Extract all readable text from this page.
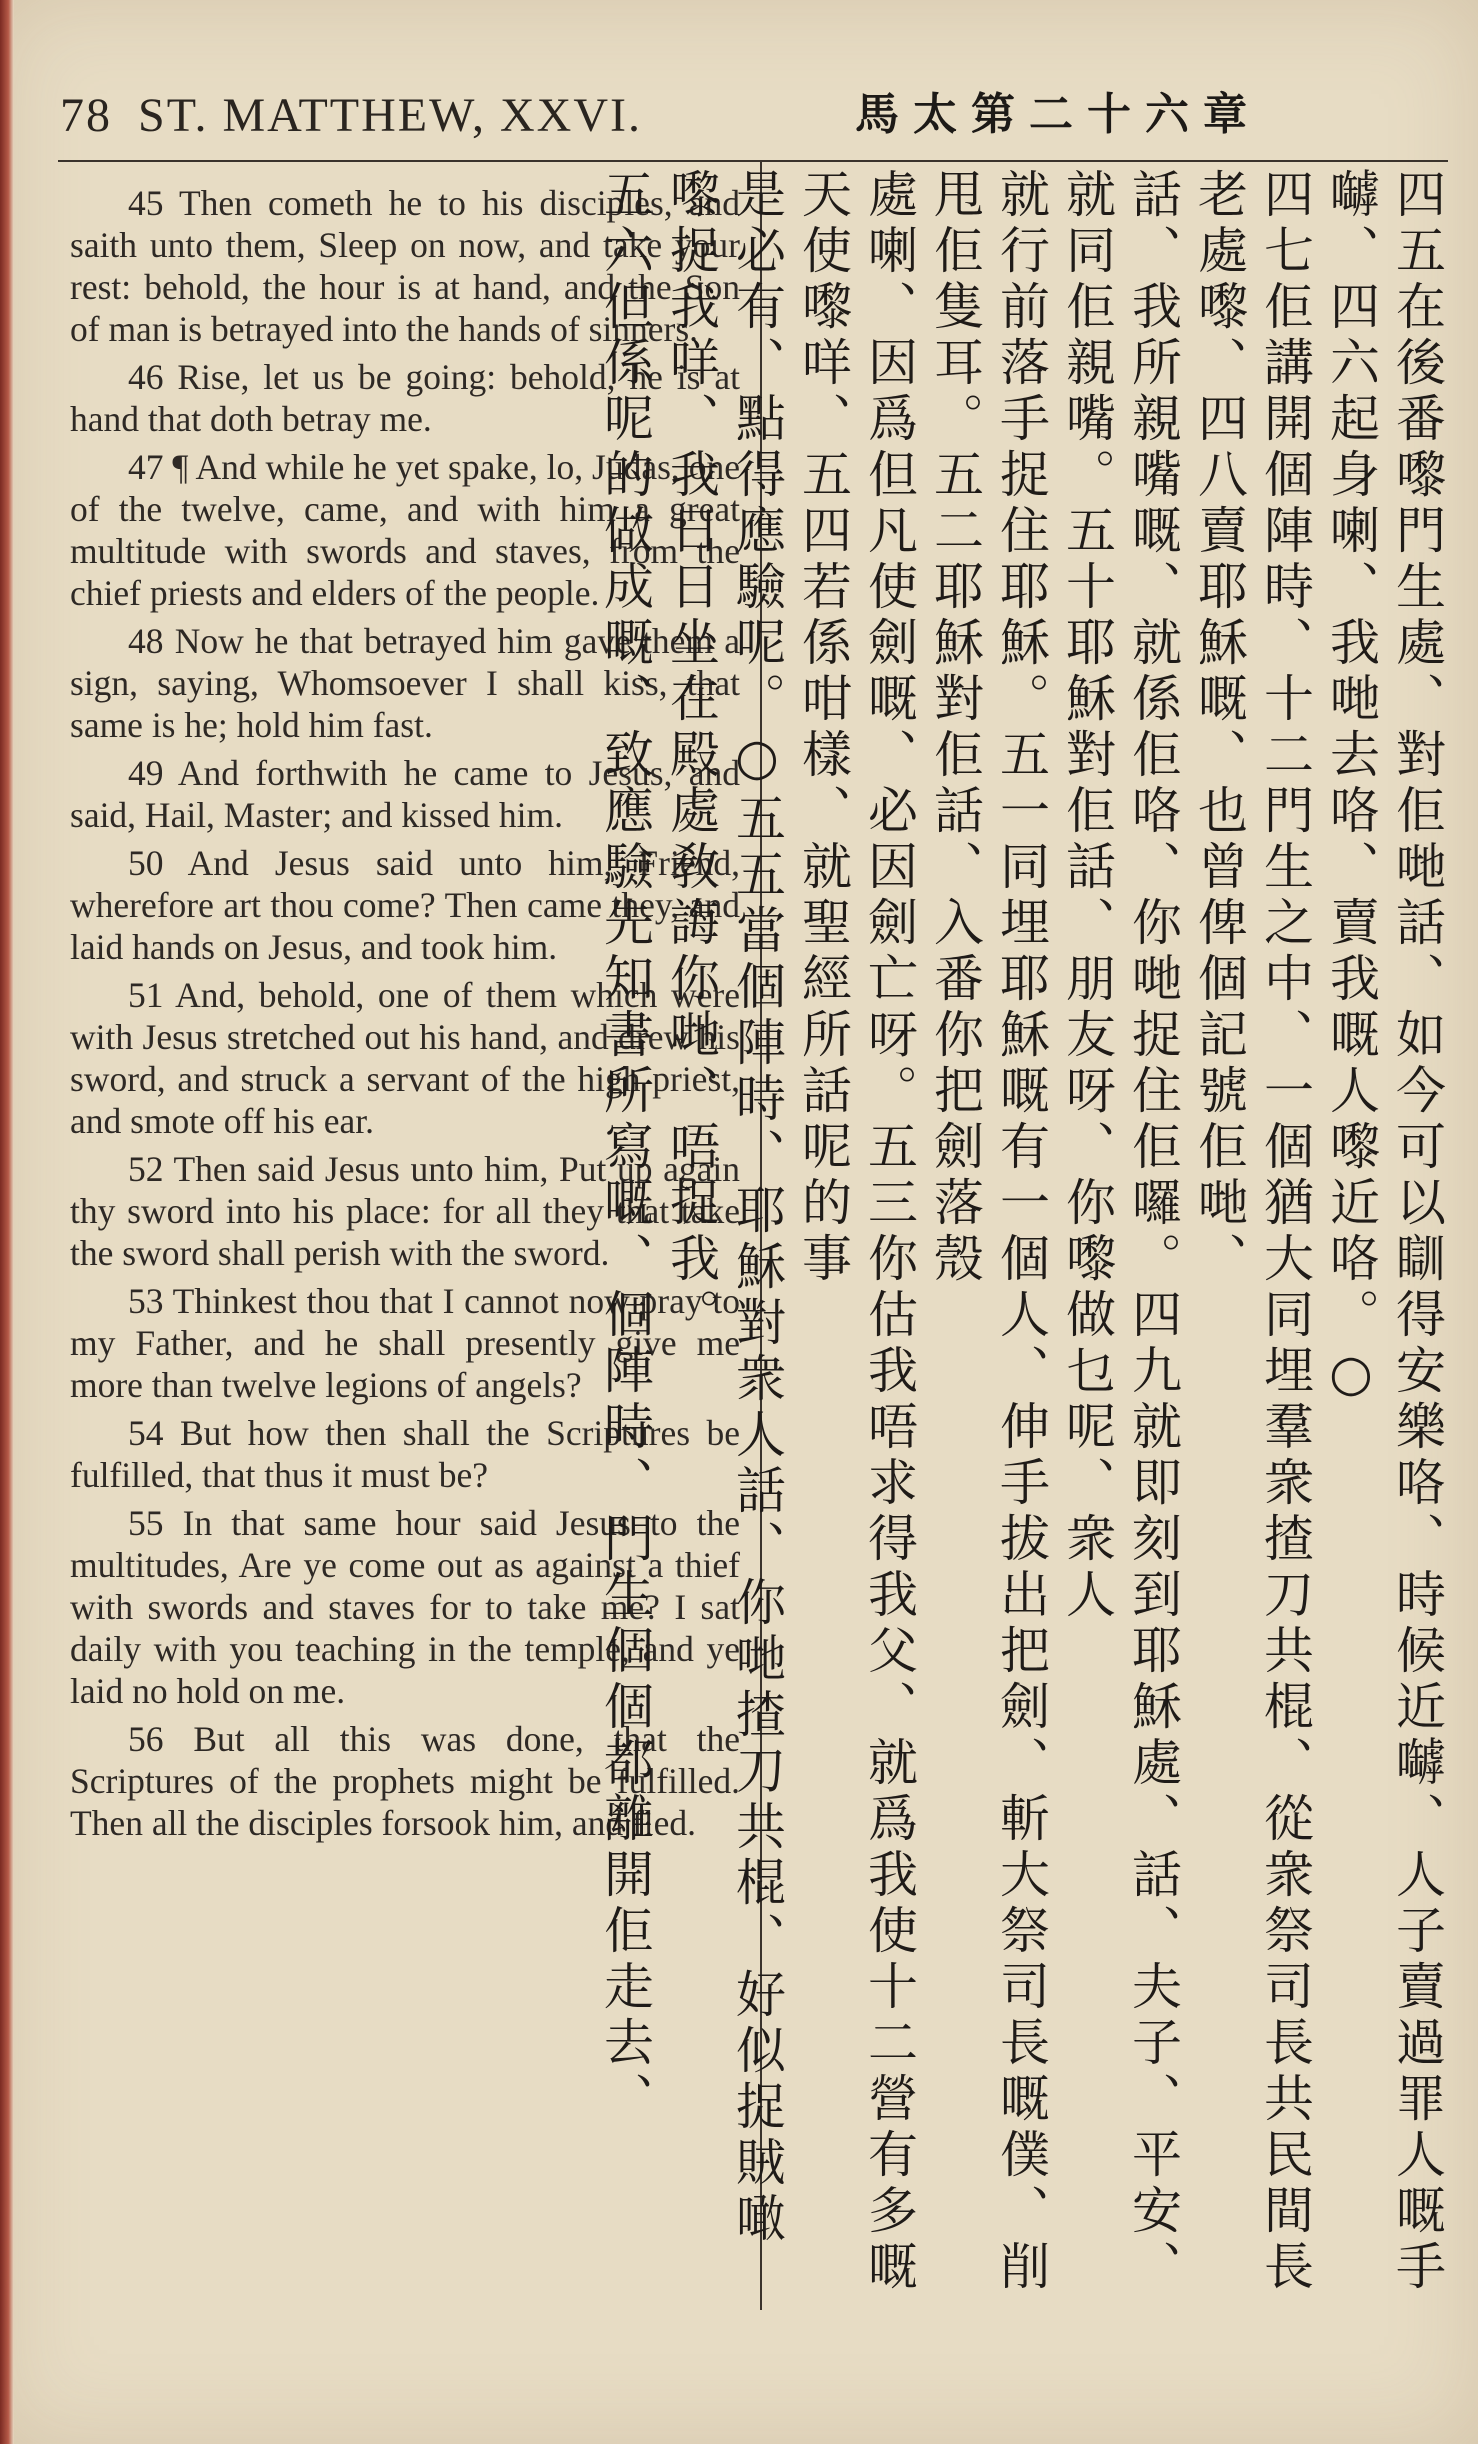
78 ST. MATTHEW, XXVI.	馬太第二十六章

45 Then cometh he to his disciples, and saith unto them, Sleep on now, and take your rest: behold, the hour is at hand, and the Son of man is betrayed into the hands of sinners.

46 Rise, let us be going: behold, he is at hand that doth betray me.

47 ¶ And while he yet spake, lo, Judas, one of the twelve, came, and with him a great multitude with swords and staves, from the chief priests and elders of the people.

48 Now he that betrayed him gave them a sign, saying, Whomsoever I shall kiss, that same is he; hold him fast.

49 And forthwith he came to Jesus, and said, Hail, Master; and kissed him.

50 And Jesus said unto him, Friend, wherefore art thou come? Then came they, and laid hands on Jesus, and took him.

51 And, behold, one of them which were with Jesus stretched out his hand, and drew his sword, and struck a servant of the high priest, and smote off his ear.

52 Then said Jesus unto him, Put up again thy sword into his place: for all they that take the sword shall perish with the sword.

53 Thinkest thou that I cannot now pray to my Father, and he shall presently give me more than twelve legions of angels?

54 But how then shall the Scriptures be fulfilled, that thus it must be?

55 In that same hour said Jesus to the multitudes, Are ye come out as against a thief with swords and staves for to take me? I sat daily with you teaching in the temple, and ye laid no hold on me.

56 But all this was done, that the Scriptures of the prophets might be fulfilled. Then all the disciples forsook him, and fled.	四五在後番嚟門生處、對佢哋話、如今可以瞓得安樂咯、時候近嚹、人子賣過罪人嘅手嚹、四六起身喇、我哋去咯、賣我嘅人嚟近咯。○

四七佢講開個陣時、十二門生之中、一個猶大同埋羣衆揸刀共棍、從衆祭司長共民間長老處嚟、四八賣耶穌嘅、也曾俾個記號佢哋、

話、我所親嘴嘅、就係佢咯、你哋捉住佢囉。四九就即刻到耶穌處、話、夫子、平安、就同佢親嘴。五十耶穌對佢話、朋友呀、你嚟做乜呢、衆人

就行前落手捉住耶穌。五一同埋耶穌嘅有一個人、伸手拔出把劍、斬大祭司長嘅僕、削甩佢隻耳。五二耶穌對佢話、入番你把劍落殼

處喇、因爲但凡使劍嘅、必因劍亡呀。五三你估我唔求得我父、就爲我使十二營有多嘅天使嚟咩、五四若係咁樣、就聖經所話呢的事

是必有、點得應驗呢。○五五當個陣時、耶穌對衆人話、你哋揸刀共棍、好似捉賊噉嚟捉我咩、我日日坐在殿處敎誨你哋、唔捉我。

五六但係呢的做成嘅、致應驗先知書所寫嘅、個陣時、門生個個都離開佢走去、
